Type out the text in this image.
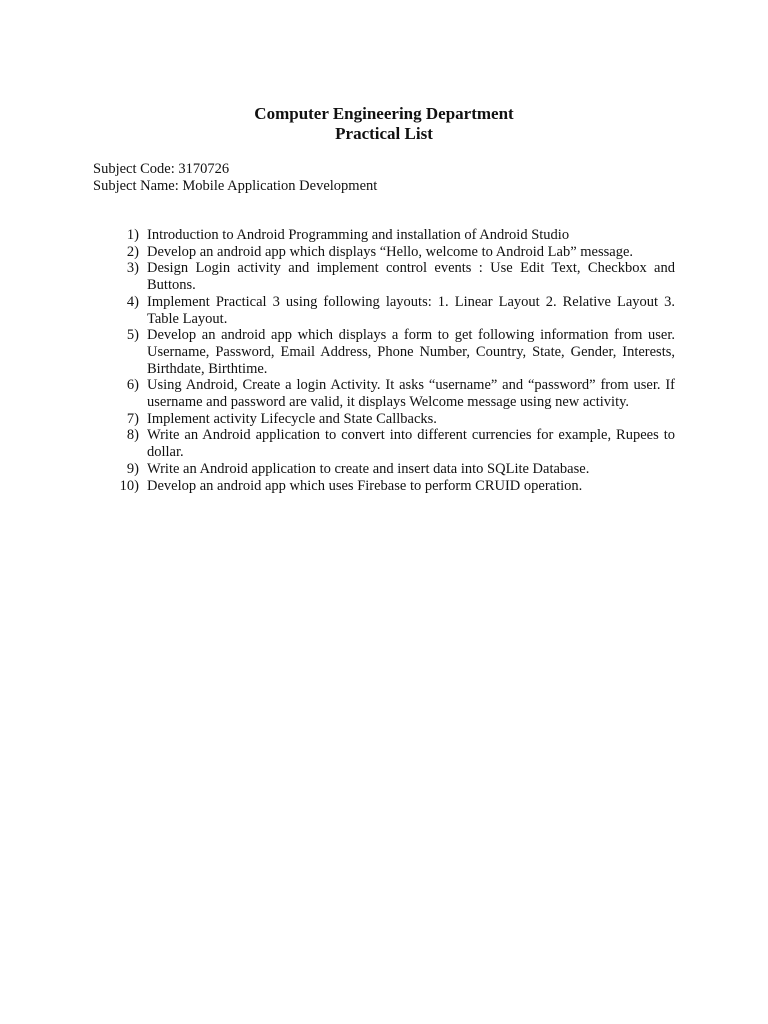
Computer Engineering Department
Practical List
Subject Code: 3170726
Subject Name: Mobile Application Development
1) Introduction to Android Programming and installation of Android Studio
2) Develop an android app which displays “Hello, welcome to Android Lab” message.
3) Design Login activity and implement control events : Use Edit Text, Checkbox and Buttons.
4) Implement Practical 3 using following layouts: 1. Linear Layout 2. Relative Layout 3. Table Layout.
5) Develop an android app which displays a form to get following information from user. Username, Password, Email Address, Phone Number, Country, State, Gender, Interests, Birthdate, Birthtime.
6) Using Android, Create a login Activity. It asks “username” and “password” from user. If username and password are valid, it displays Welcome message using new activity.
7) Implement activity Lifecycle and State Callbacks.
8) Write an Android application to convert into different currencies for example, Rupees to dollar.
9) Write an Android application to create and insert data into SQLite Database.
10) Develop an android app which uses Firebase to perform CRUID operation.
